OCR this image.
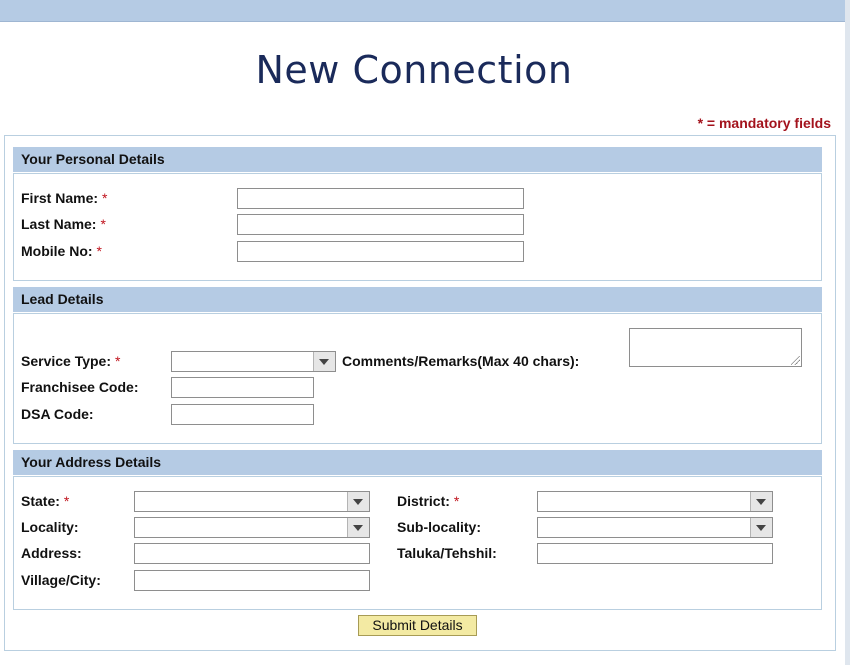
New Connection
* = mandatory fields
Your Personal Details
First Name: *
Last Name: *
Mobile No: *
Lead Details
Service Type: *	Comments/Remarks(Max 40 chars):
Franchisee Code:
DSA Code:
Your Address Details
State: *	District: *
Locality:	Sub-locality:
Address:	Taluka/Tehshil:
Village/City:
Submit Details
